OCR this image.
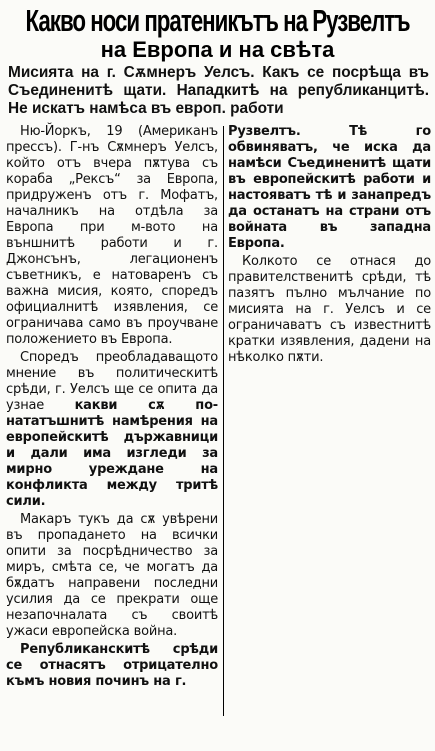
Какво носи пратеникътъ на Рузвелтъ
на Европа и на свѣта
Мисията на г. Сѫмнеръ Уелсъ. Какъ се посрѣща въ Съединенитѣ щати. Нападкитѣ на републиканцитѣ. Не искатъ намѣса въ европ. работи

Ню-Йоркъ, 19 (Американъ прессъ). Г-нъ Сѫмнеръ Уелсъ, който отъ вчера пѫтува съ кораба „Рексъ“ за Европа, придруженъ отъ г. Мофатъ, началникъ на отдѣла за Европа при м-вото на външнитѣ работи и г. Джонсънъ, легационенъ съветникъ, е натоваренъ съ важна мисия, която, споредъ официалнитѣ изявления, се ограничава само въ проучване положението въ Европа.

Споредъ преобладаващото мнение въ политическитѣ срѣди, г. Уелсъ ще се опита да узнае какви сѫ по-нататъшнитѣ намѣрения на европейскитѣ държавници и дали има изгледи за мирно уреждане на конфликта между тритѣ сили.

Макаръ тукъ да сѫ увѣрени въ пропадането на всички опити за посрѣдничество за миръ, смѣта се, че могатъ да бѫдатъ направени последни усилия да се прекрати още незапочналата съ своитѣ ужаси европейска война.

Републиканскитѣ срѣди се отнасятъ отрицателно къмъ новия починъ на г.

Рузвелтъ. Тѣ го обвиняватъ, че иска да намѣси Съединенитѣ щати въ европейскитѣ работи и настояватъ тѣ и занапредъ да останатъ на страни отъ войната въ западна Европа.

Колкото се отнася до правителственитѣ срѣди, тѣ пазятъ пълно мълчание по мисията на г. Уелсъ и се ограничаватъ съ известнитѣ кратки изявления, дадени на нѣколко пѫти.
